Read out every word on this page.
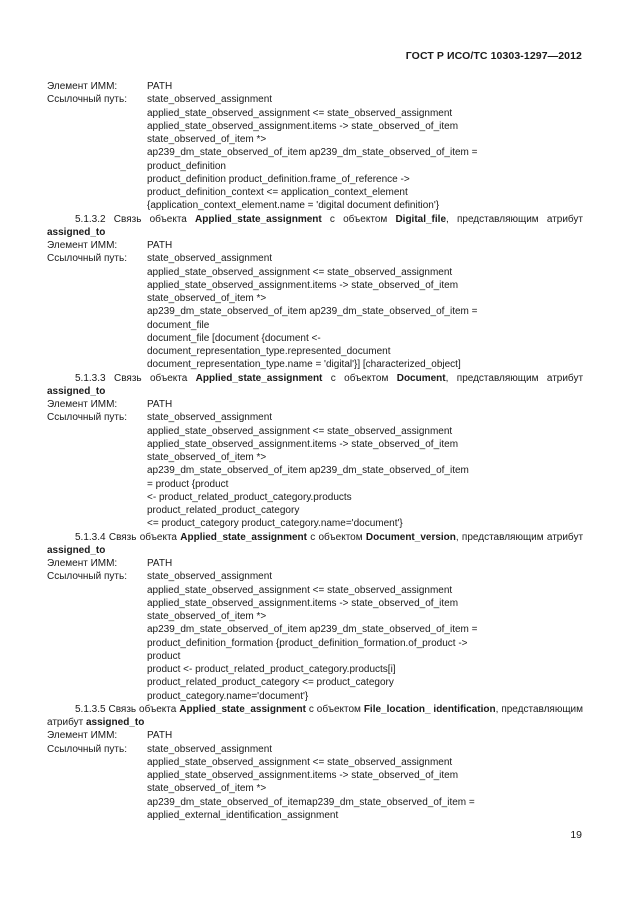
ГОСТ Р ИСО/ТС 10303-1297—2012
Элемент ИММ:	PATH
Ссылочный путь:	state_observed_assignment
applied_state_observed_assignment <= state_observed_assignment
applied_state_observed_assignment.items -> state_observed_of_item
state_observed_of_item *>
ap239_dm_state_observed_of_item ap239_dm_state_observed_of_item =
product_definition
product_definition product_definition.frame_of_reference ->
product_definition_context <= application_context_element
{application_context_element.name = 'digital document definition'}
5.1.3.2 Связь объекта Applied_state_assignment с объектом Digital_file, представляющим атрибут assigned_to
Элемент ИММ:	PATH
Ссылочный путь:	state_observed_assignment
applied_state_observed_assignment <= state_observed_assignment
applied_state_observed_assignment.items -> state_observed_of_item
state_observed_of_item *>
ap239_dm_state_observed_of_item ap239_dm_state_observed_of_item =
document_file
document_file [document {document <-
document_representation_type.represented_document
document_representation_type.name = 'digital'}] [characterized_object]
5.1.3.3 Связь объекта Applied_state_assignment с объектом Document, представляющим атрибут assigned_to
Элемент ИММ:	PATH
Ссылочный путь:	state_observed_assignment
applied_state_observed_assignment <= state_observed_assignment
applied_state_observed_assignment.items -> state_observed_of_item
state_observed_of_item *>
ap239_dm_state_observed_of_item ap239_dm_state_observed_of_item
= product {product
<- product_related_product_category.products
product_related_product_category
<= product_category product_category.name='document'}
5.1.3.4 Связь объекта Applied_state_assignment с объектом Document_version, представляющим атрибут assigned_to
Элемент ИММ:	PATH
Ссылочный путь:	state_observed_assignment
applied_state_observed_assignment <= state_observed_assignment
applied_state_observed_assignment.items -> state_observed_of_item
state_observed_of_item *>
ap239_dm_state_observed_of_item ap239_dm_state_observed_of_item =
product_definition_formation {product_definition_formation.of_product ->
product
product <- product_related_product_category.products[i]
product_related_product_category <= product_category
product_category.name='document'}
5.1.3.5 Связь объекта Applied_state_assignment с объектом File_location_ identification, представляющим атрибут assigned_to
Элемент ИММ:	PATH
Ссылочный путь:	state_observed_assignment
applied_state_observed_assignment <= state_observed_assignment
applied_state_observed_assignment.items -> state_observed_of_item
state_observed_of_item *>
ap239_dm_state_observed_of_itemap239_dm_state_observed_of_item =
applied_external_identification_assignment
19
